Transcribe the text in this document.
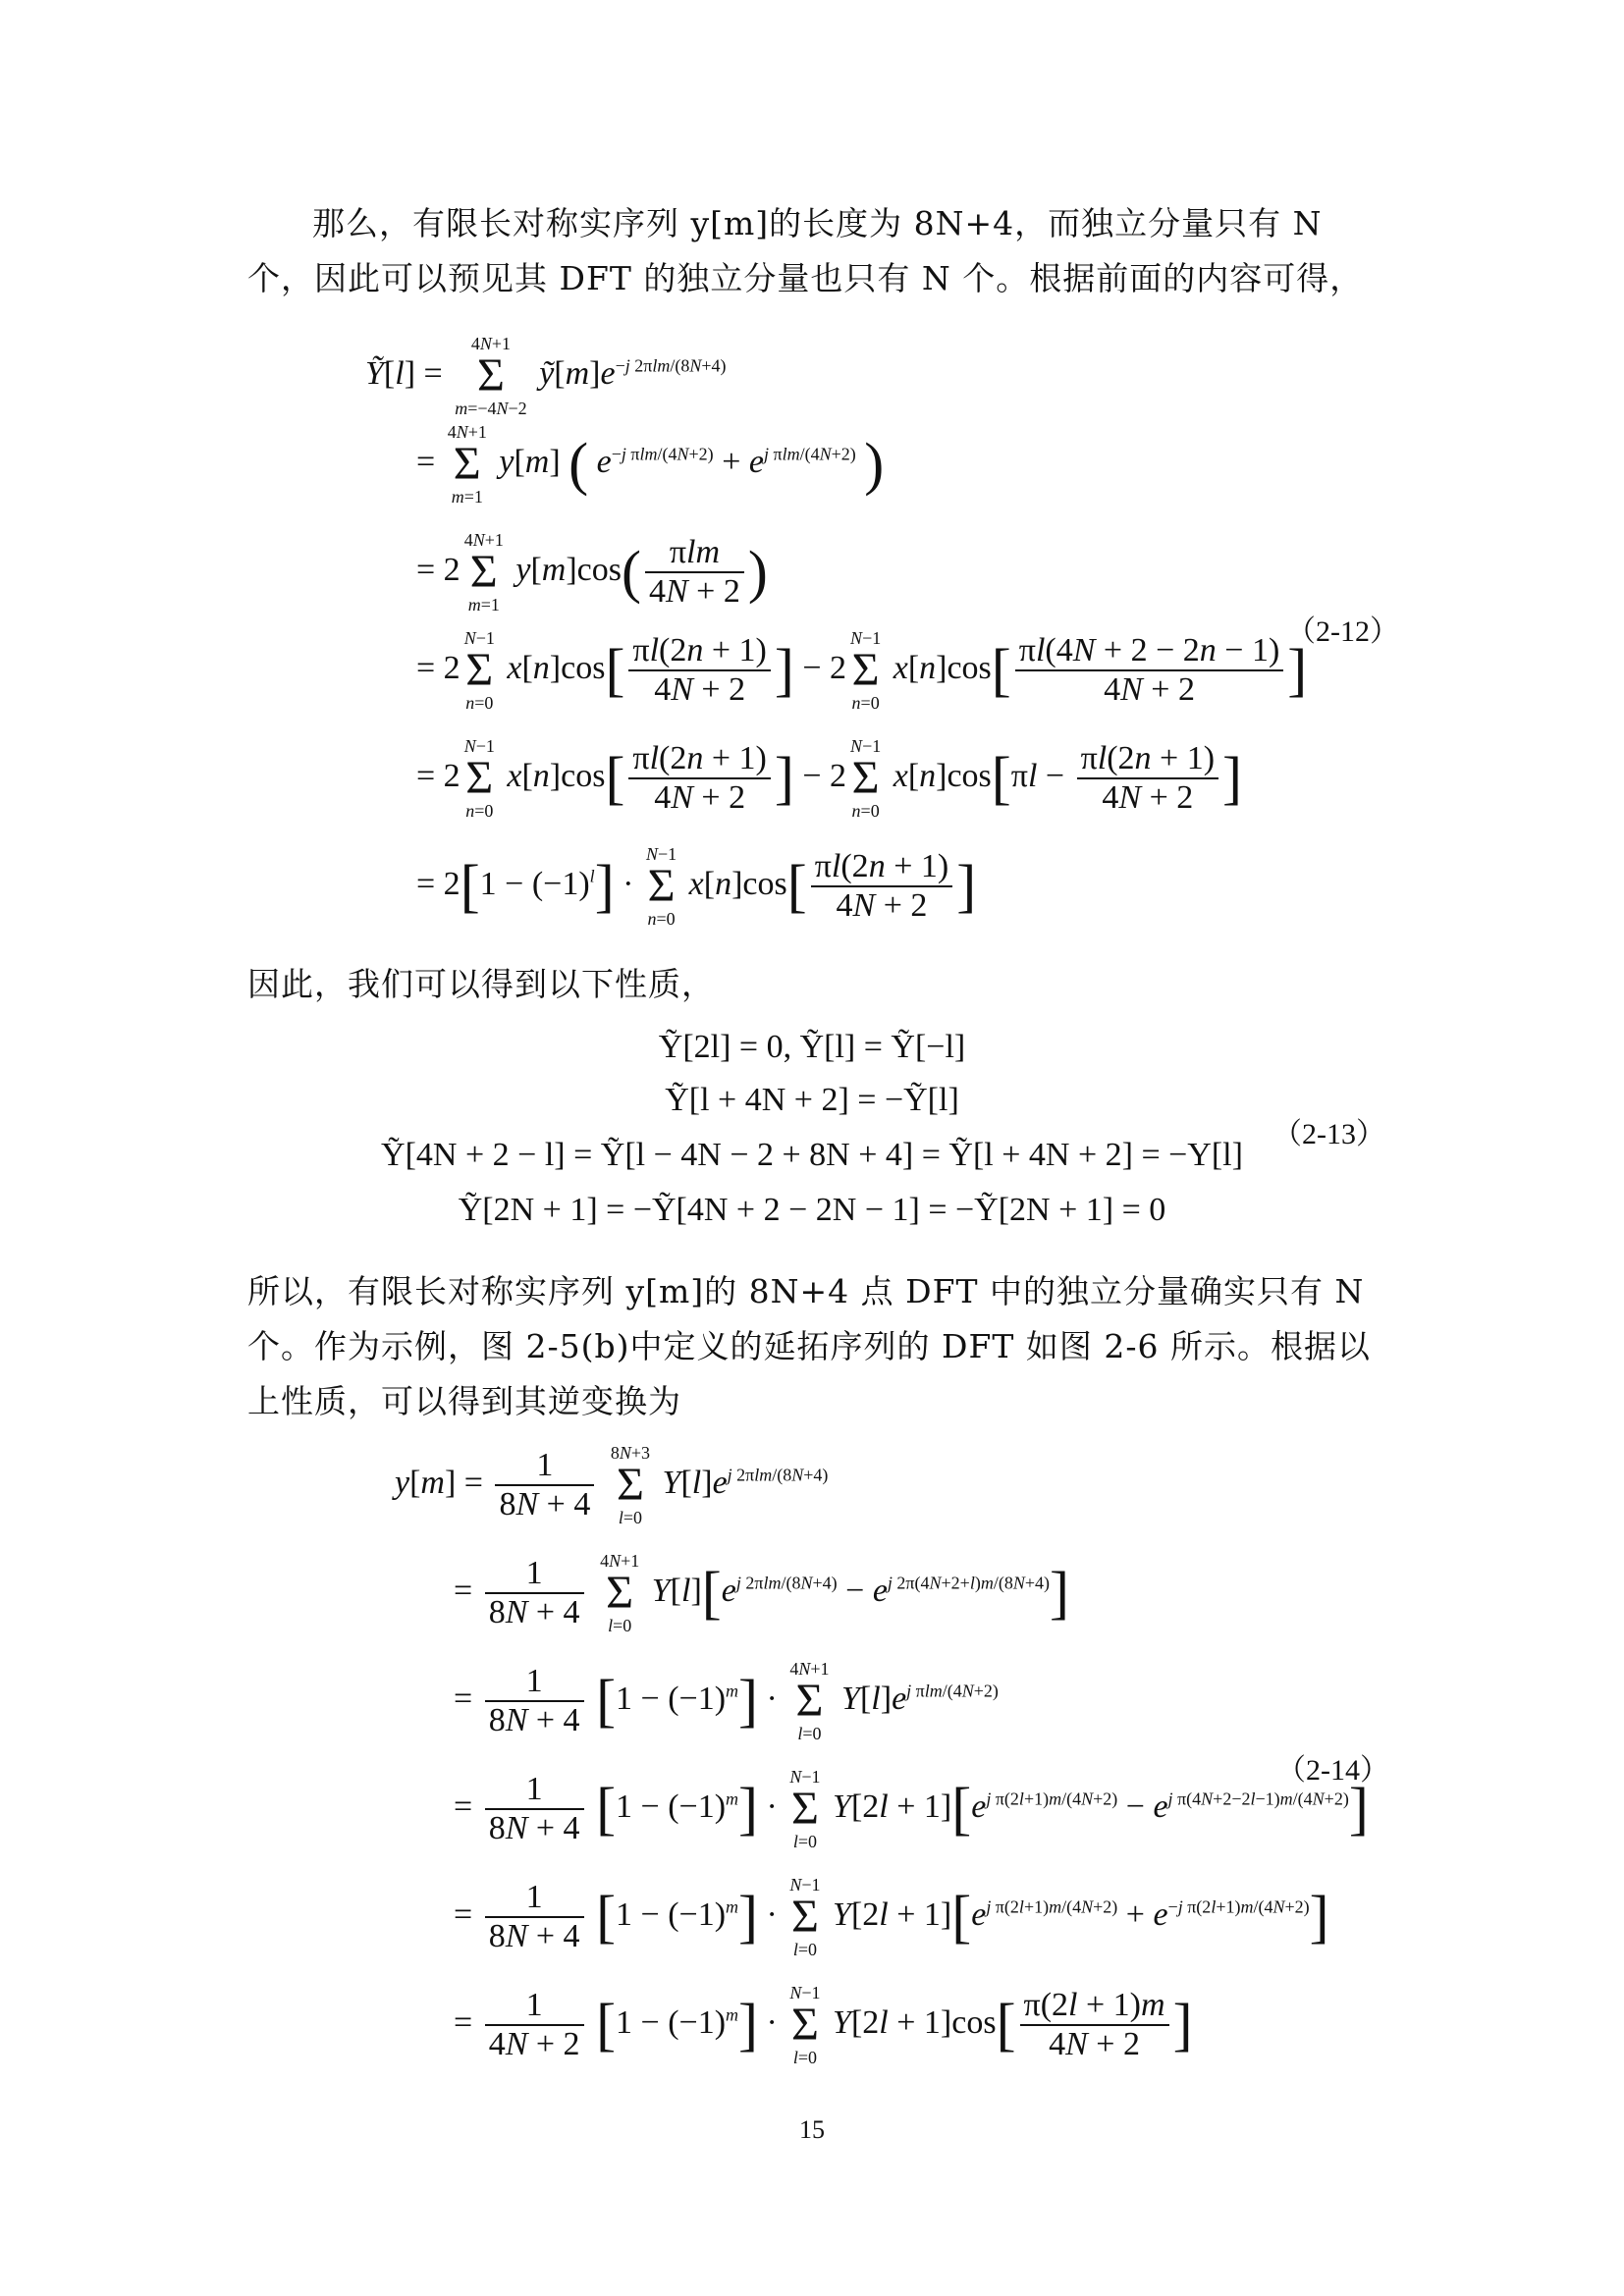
那么，有限长对称实序列 y[m]的长度为 8N+4，而独立分量只有 N 个，因此可以预见其 DFT 的独立分量也只有 N 个。根据前面的内容可得，
Ỹ[l] =
4N+1
Σ
m=−4N−2
$ỹ[m]e^{-j 2\pi lm/(8N+4)}$
=
4N+1
Σ
m=1
y[m] ( $e^{-j \pi lm/(4N+2)} + e^{j \pi lm/(4N+2)}$ )
= 2
4N+1
Σ
m=1
$y[m]\cos( \frac{\text{πlm}}{4N + 2}$ )
= 2
N−1
Σ
n=0
$x[n]\cos[ \frac{\pi l(2n + 1)}{4N + 2}$ ] − 2
N−1
Σ
n=0
$x[n]\cos[ \frac{\pi l(4N + 2 - 2n - 1)}{4N + 2}$ ]
= 2
N−1
Σ
n=0
$x[n]\cos[ \frac{\pi l(2n + 1)}{4N + 2}$ ] − 2
N−1
Σ
n=0
$x[n]\cos[\pi l - \frac{\pi l(2n + 1)}{4N + 2}$ ]
= $2[1 - (-1)^l]$ ·
N−1
Σ
n=0
$x[n]\cos[ \frac{\pi l(2n + 1)}{4N + 2}$ ]
（2-12）
因此，我们可以得到以下性质，
Ỹ[2l] = 0, Ỹ[l] = Ỹ[−l]
Ỹ[l + 4N + 2] = −Ỹ[l]
Ỹ[4N + 2 − l] = Ỹ[l − 4N − 2 + 8N + 4] = Ỹ[l + 4N + 2] = −Y[l]
Ỹ[2N + 1] = −Ỹ[4N + 2 − 2N − 1] = −Ỹ[2N + 1] = 0
（2-13）
所以，有限长对称实序列 y[m]的 8N+4 点 DFT 中的独立分量确实只有 N 个。作为示例，图 2-5(b)中定义的延拓序列的 DFT 如图 2-6 所示。根据以上性质，可以得到其逆变换为
$y[m] = \frac{1}{8N + 4}$
8N+3
Σ
l=0
$Y[l]e^{j 2\pi lm/(8N+4)}$
= $\frac{1}{8N + 4}$
4N+1
Σ
l=0
$Y[l][e^{j 2\pi lm/(8N+4)} - e^{j 2\pi(4N+2+l)m/(8N+4)}]$
= $\frac{1}{8N + 4} [1 - (-1)^m]$ ·
4N+1
Σ
l=0
$Y[l]e^{j \pi lm/(4N+2)}$
= $\frac{1}{8N + 4} [1 - (-1)^m]$ ·
N−1
Σ
l=0
$Y[2l + 1][e^{j \pi(2l+1)m/(4N+2)} - e^{j \pi(4N+2-2l-1)m/(4N+2)}]$
= $\frac{1}{8N + 4} [1 - (-1)^m]$ ·
N−1
Σ
l=0
$Y[2l + 1][e^{j \pi(2l+1)m/(4N+2)} + e^{-j \pi(2l+1)m/(4N+2)}]$
= $\frac{1}{4N + 2} [1 - (-1)^m]$ ·
N−1
Σ
l=0
$Y[2l + 1]\cos[ \frac{\pi(2l + 1)m}{4N + 2}$ ]
（2-14）
15
